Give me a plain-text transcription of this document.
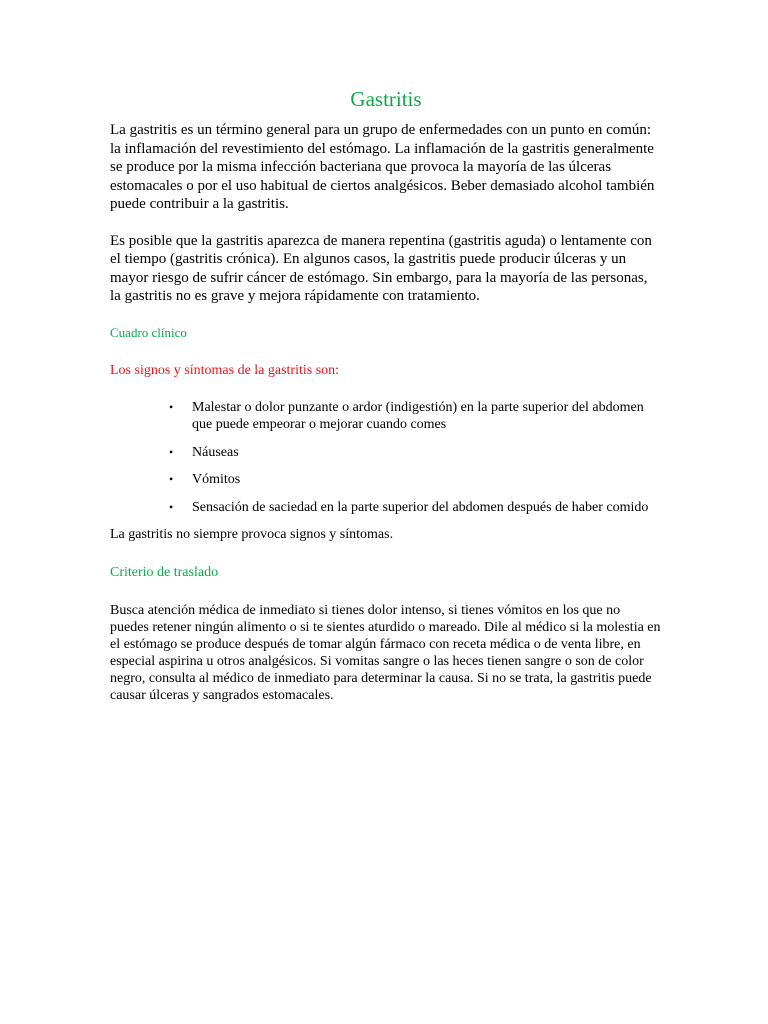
Gastritis

La gastritis es un término general para un grupo de enfermedades con un punto en común: la inflamación del revestimiento del estómago. La inflamación de la gastritis generalmente se produce por la misma infección bacteriana que provoca la mayoría de las úlceras estomacales o por el uso habitual de ciertos analgésicos. Beber demasiado alcohol también puede contribuir a la gastritis.

Es posible que la gastritis aparezca de manera repentina (gastritis aguda) o lentamente con el tiempo (gastritis crónica). En algunos casos, la gastritis puede producir úlceras y un mayor riesgo de sufrir cáncer de estómago. Sin embargo, para la mayoría de las personas, la gastritis no es grave y mejora rápidamente con tratamiento.

Cuadro clínico
Los signos y síntomas de la gastritis son:
• Malestar o dolor punzante o ardor (indigestión) en la parte superior del abdomen que puede empeorar o mejorar cuando comes
• Náuseas
• Vómitos
• Sensación de saciedad en la parte superior del abdomen después de haber comido

La gastritis no siempre provoca signos y síntomas.

Criterio de traslado

Busca atención médica de inmediato si tienes dolor intenso, si tienes vómitos en los que no puedes retener ningún alimento o si te sientes aturdido o mareado. Dile al médico si la molestia en el estómago se produce después de tomar algún fármaco con receta médica o de venta libre, en especial aspirina u otros analgésicos. Si vomitas sangre o las heces tienen sangre o son de color negro, consulta al médico de inmediato para determinar la causa. Si no se trata, la gastritis puede causar úlceras y sangrados estomacales.
